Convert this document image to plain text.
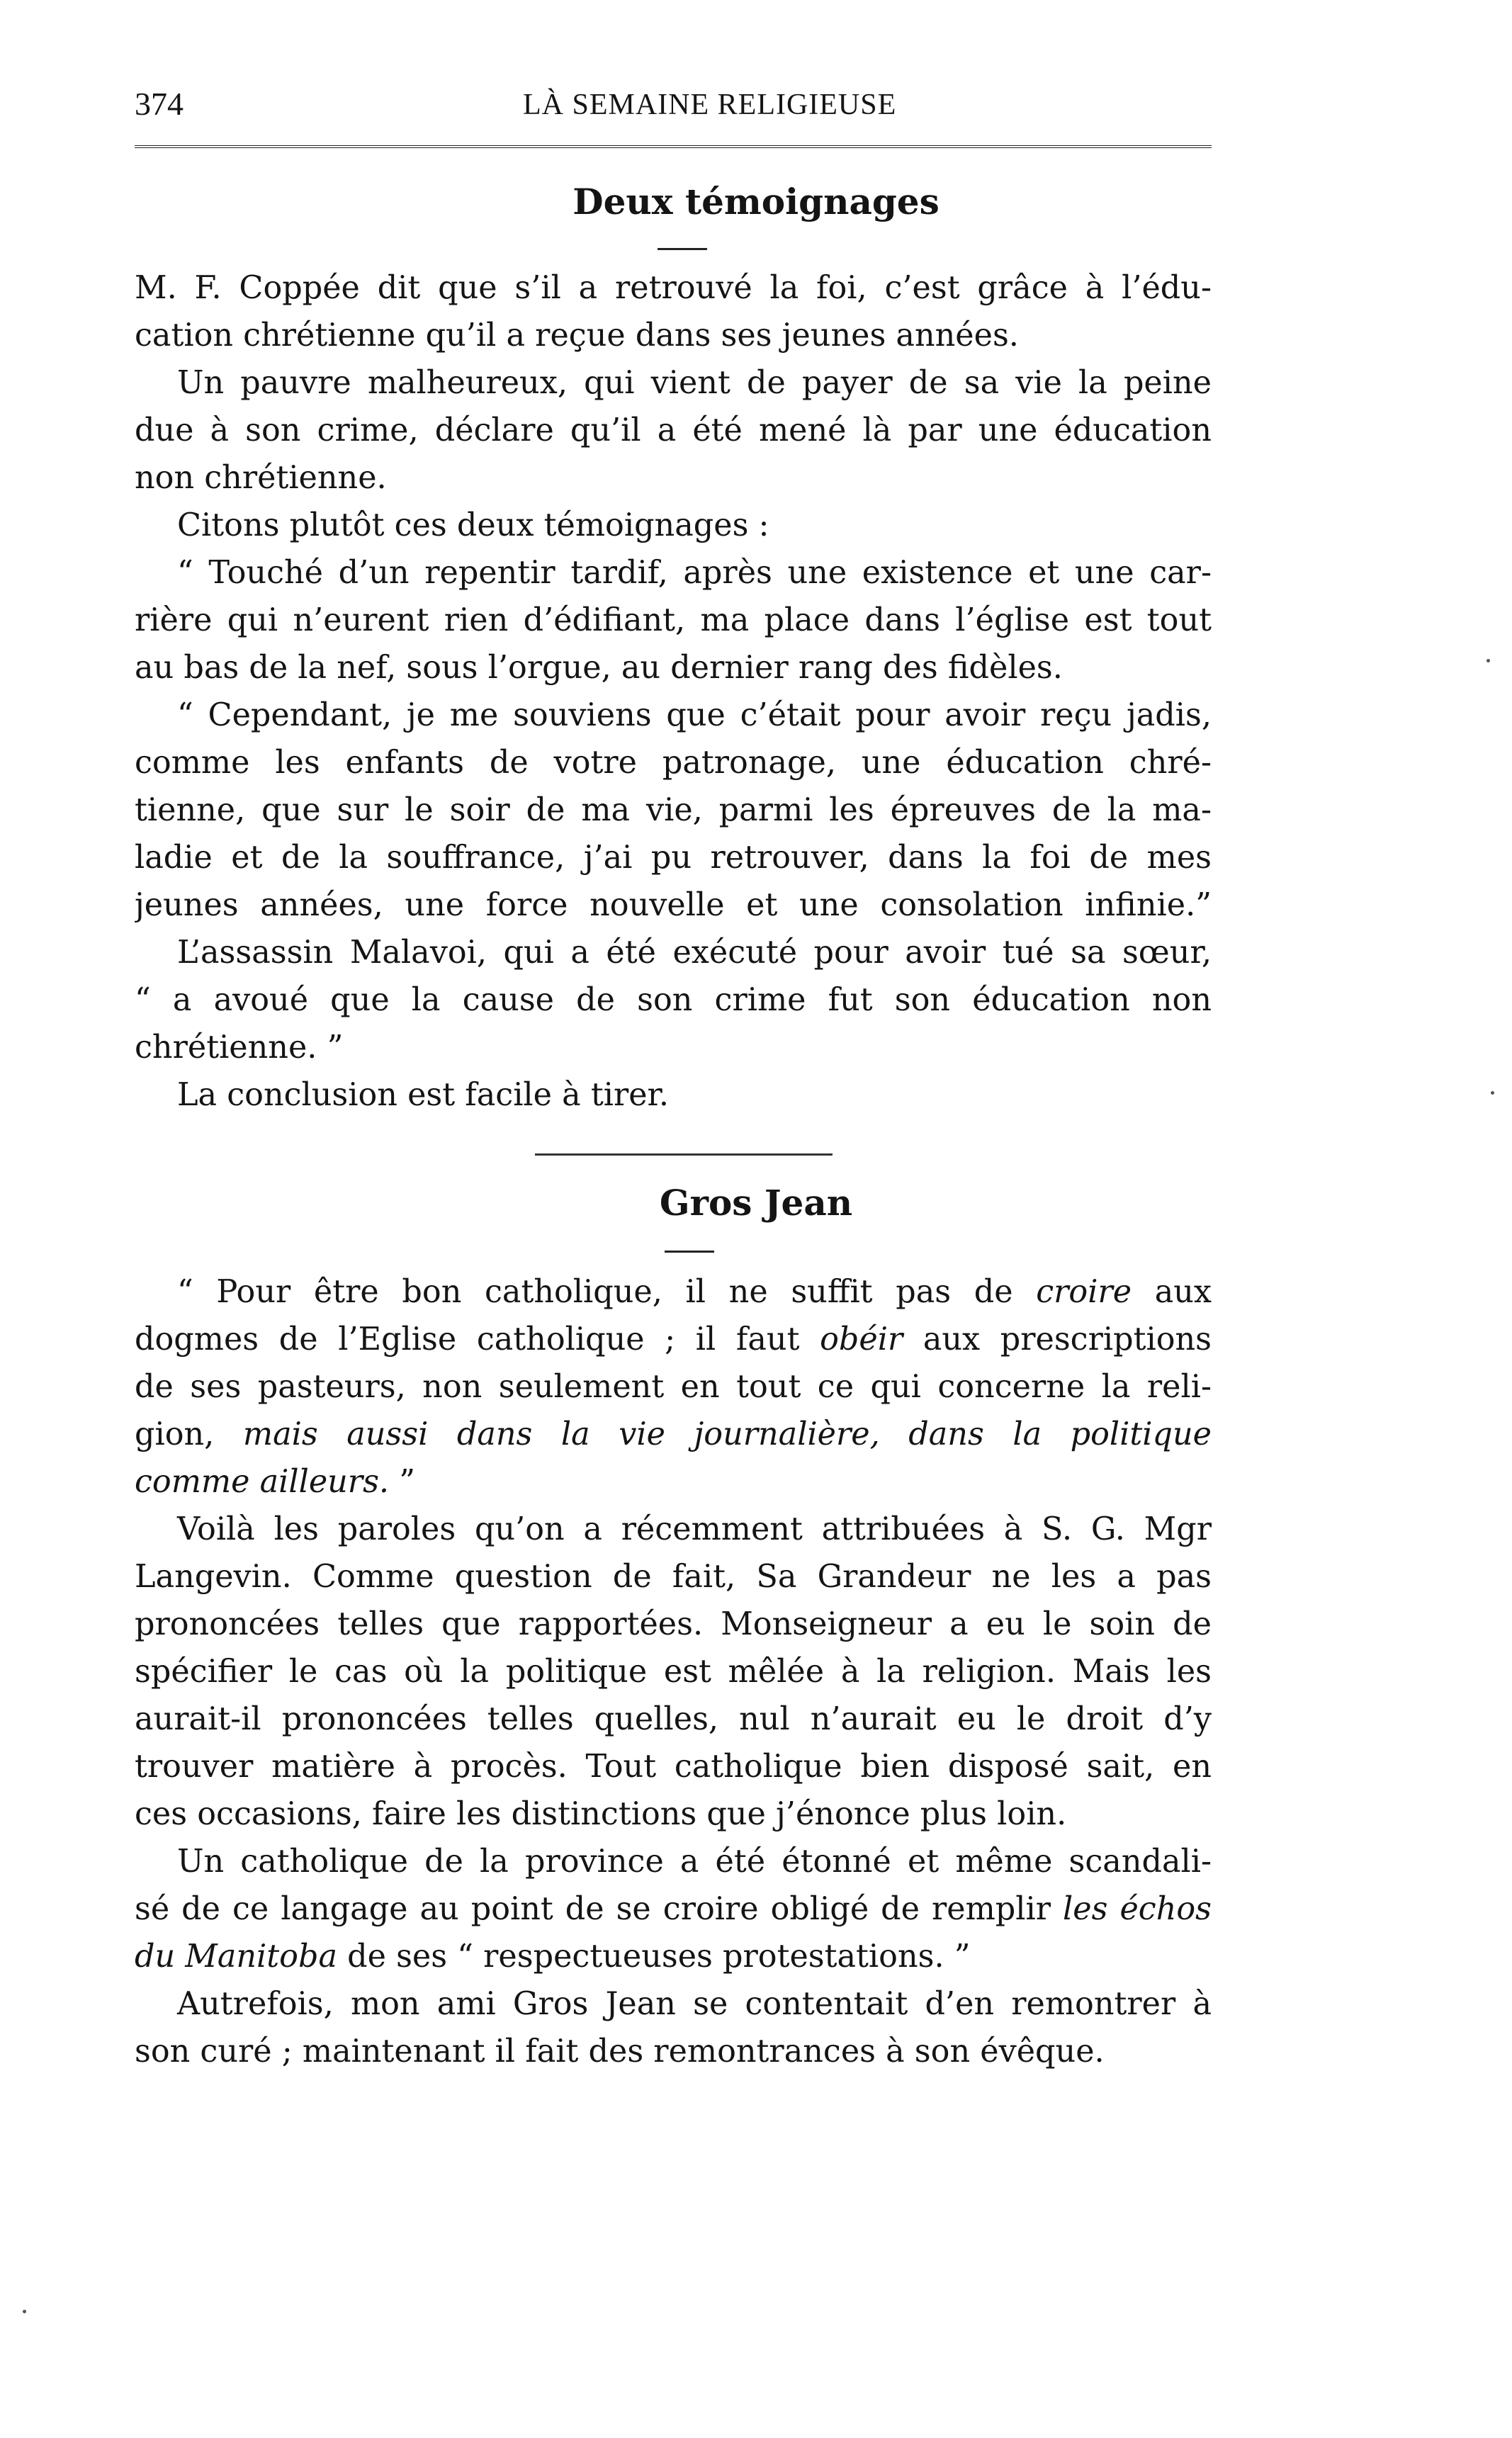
374	LÀ SEMAINE RELIGIEUSE
Deux témoignages
M. F. Coppée dit que s’il a retrouvé la foi, c’est grâce à l’édu-
cation chrétienne qu’il a reçue dans ses jeunes années.
Un pauvre malheureux, qui vient de payer de sa vie la peine
due à son crime, déclare qu’il a été mené là par une éducation
non chrétienne.
Citons plutôt ces deux témoignages :
“ Touché d’un repentir tardif, après une existence et une car-
rière qui n’eurent rien d’édifiant, ma place dans l’église est tout
au bas de la nef, sous l’orgue, au dernier rang des fidèles.
“ Cependant, je me souviens que c’était pour avoir reçu jadis,
comme les enfants de votre patronage, une éducation chré-
tienne, que sur le soir de ma vie, parmi les épreuves de la ma-
ladie et de la souffrance, j’ai pu retrouver, dans la foi de mes
jeunes années, une force nouvelle et une consolation infinie.”
L’assassin Malavoi, qui a été exécuté pour avoir tué sa sœur,
“ a avoué que la cause de son crime fut son éducation non
chrétienne. ”
La conclusion est facile à tirer.
Gros Jean
“ Pour être bon catholique, il ne suffit pas de croire aux
dogmes de l’Eglise catholique ; il faut obéir aux prescriptions
de ses pasteurs, non seulement en tout ce qui concerne la reli-
gion, mais aussi dans la vie journalière, dans la politique
comme ailleurs. ”
Voilà les paroles qu’on a récemment attribuées à S. G. Mgr
Langevin. Comme question de fait, Sa Grandeur ne les a pas
prononcées telles que rapportées. Monseigneur a eu le soin de
spécifier le cas où la politique est mêlée à la religion. Mais les
aurait-il prononcées telles quelles, nul n’aurait eu le droit d’y
trouver matière à procès. Tout catholique bien disposé sait, en
ces occasions, faire les distinctions que j’énonce plus loin.
Un catholique de la province a été étonné et même scandali-
sé de ce langage au point de se croire obligé de remplir les échos
du Manitoba de ses “ respectueuses protestations. ”
Autrefois, mon ami Gros Jean se contentait d’en remontrer à
son curé ; maintenant il fait des remontrances à son évêque.
